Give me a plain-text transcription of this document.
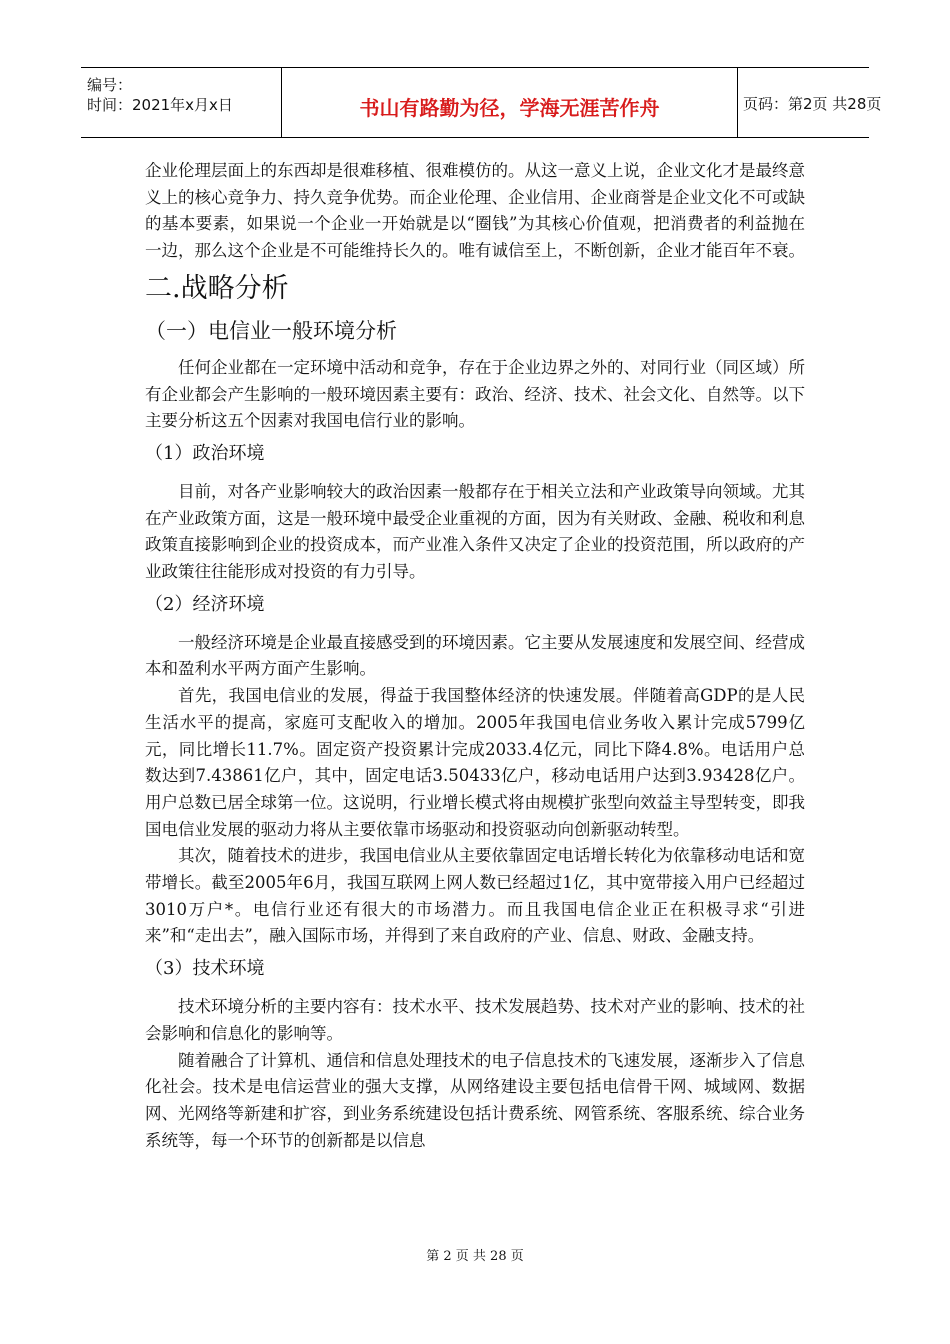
编号：
时间：2021年x月x日	书山有路勤为径，学海无涯苦作舟	页码：第2页 共28页

企业伦理层面上的东西却是很难移植、很难模仿的。从这一意义上说，企业文化才是最终意义上的核心竞争力、持久竞争优势。而企业伦理、企业信用、企业商誉是企业文化不可或缺的基本要素，如果说一个企业一开始就是以“圈钱”为其核心价值观，把消费者的利益抛在一边，那么这个企业是不可能维持长久的。唯有诚信至上，不断创新，企业才能百年不衰。

二.战略分析
（一）电信业一般环境分析

任何企业都在一定环境中活动和竞争，存在于企业边界之外的、对同行业（同区域）所有企业都会产生影响的一般环境因素主要有：政治、经济、技术、社会文化、自然等。以下主要分析这五个因素对我国电信行业的影响。

（1）政治环境

目前，对各产业影响较大的政治因素一般都存在于相关立法和产业政策导向领域。尤其在产业政策方面，这是一般环境中最受企业重视的方面，因为有关财政、金融、税收和利息政策直接影响到企业的投资成本，而产业准入条件又决定了企业的投资范围，所以政府的产业政策往往能形成对投资的有力引导。

（2）经济环境

一般经济环境是企业最直接感受到的环境因素。它主要从发展速度和发展空间、经营成本和盈利水平两方面产生影响。

首先，我国电信业的发展，得益于我国整体经济的快速发展。伴随着高GDP的是人民生活水平的提高，家庭可支配收入的增加。2005年我国电信业务收入累计完成5799亿元，同比增长11.7%。固定资产投资累计完成2033.4亿元，同比下降4.8%。电话用户总数达到7.43861亿户，其中，固定电话3.50433亿户，移动电话用户达到3.93428亿户。用户总数已居全球第一位。这说明，行业增长模式将由规模扩张型向效益主导型转变，即我国电信业发展的驱动力将从主要依靠市场驱动和投资驱动向创新驱动转型。

其次，随着技术的进步，我国电信业从主要依靠固定电话增长转化为依靠移动电话和宽带增长。截至2005年6月，我国互联网上网人数已经超过1亿，其中宽带接入用户已经超过3010万户*。电信行业还有很大的市场潜力。而且我国电信企业正在积极寻求“引进来”和“走出去”，融入国际市场，并得到了来自政府的产业、信息、财政、金融支持。

（3）技术环境

技术环境分析的主要内容有：技术水平、技术发展趋势、技术对产业的影响、技术的社会影响和信息化的影响等。

随着融合了计算机、通信和信息处理技术的电子信息技术的飞速发展，逐渐步入了信息化社会。技术是电信运营业的强大支撑，从网络建设主要包括电信骨干网、城域网、数据网、光网络等新建和扩容，到业务系统建设包括计费系统、网管系统、客服系统、综合业务系统等，每一个环节的创新都是以信息

第 2 页 共 28 页
